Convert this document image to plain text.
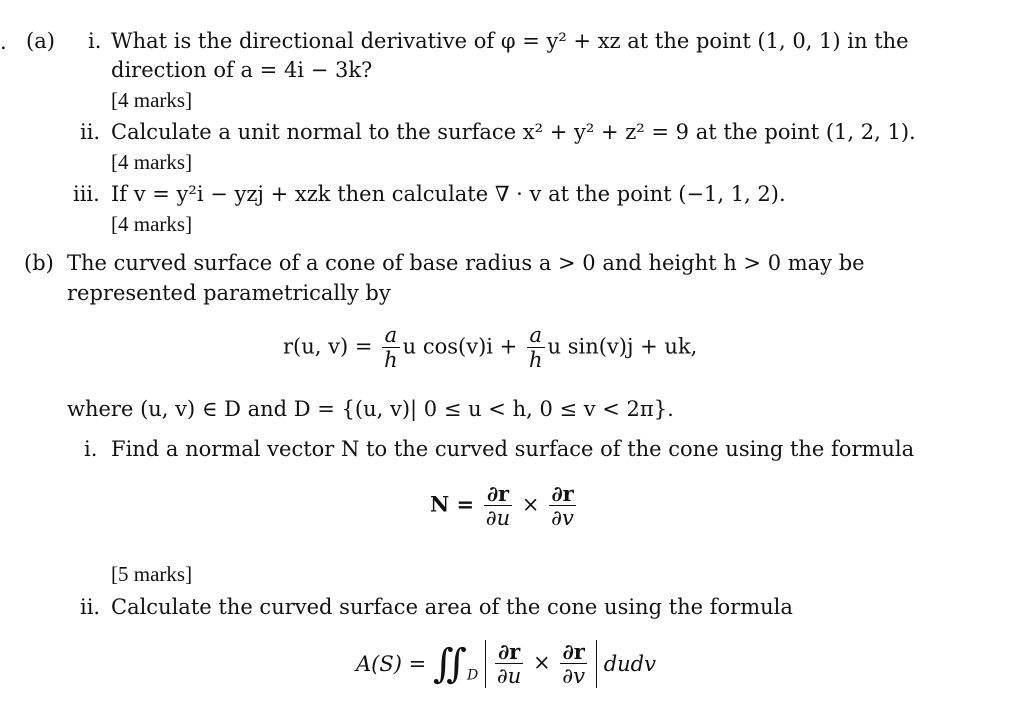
. (a) i. What is the directional derivative of φ = y² + xz at the point (1, 0, 1) in the
direction of a = 4i − 3k?
[4 marks]
ii. Calculate a unit normal to the surface x² + y² + z² = 9 at the point (1, 2, 1).
[4 marks]
iii. If v = y²i − yzj + xzk then calculate ∇ · v at the point (−1, 1, 2).
[4 marks]
(b) The curved surface of a cone of base radius a > 0 and height h > 0 may be
represented parametrically by
r(u, $v) = \frac{a}{h}$ u $\cos(v)i + \frac{a}{h}$ u sin(v)j + uk,
where (u, v) ∈ D and D = {(u, v)| 0 ≤ u < h, 0 ≤ v < 2π}.
i. Find a normal vector N to the curved surface of the cone using the formula
$N = \frac{\partial r}{\partial u} \times \frac{\partial r}{\partial v}$
[5 marks]
ii. Calculate the curved surface area of the cone using the formula
$A(S) = ∬_D \frac{\partial r}{\partial u} \times \frac{\partial r}{\partial v}$ dudv
